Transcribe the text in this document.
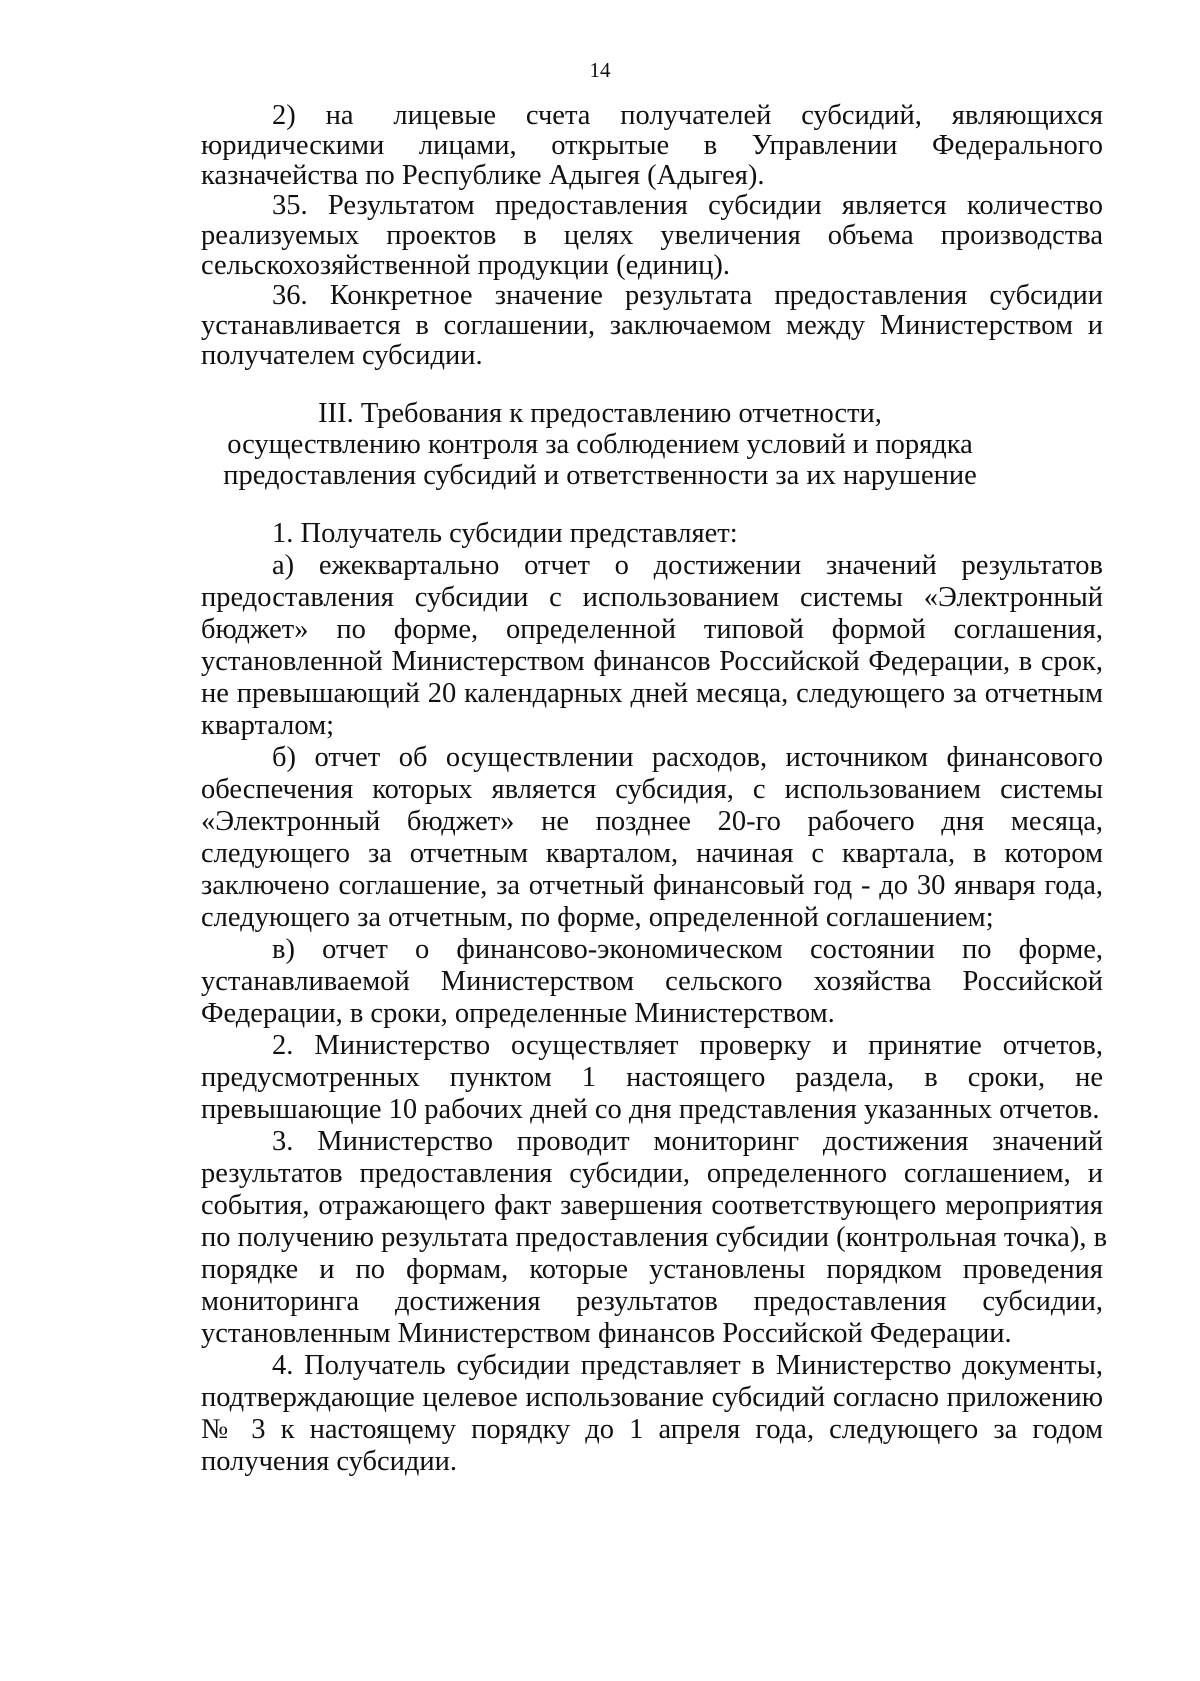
14
2)   на    лицевые   счета   получателей   субсидий,   являющихся
юридическими лицами, открытые в Управлении Федерального
казначейства по Республике Адыгея (Адыгея).
35. Результатом предоставления субсидии является количество
реализуемых проектов в целях увеличения объема производства
сельскохозяйственной продукции (единиц).
36. Конкретное значение результата предоставления субсидии
устанавливается в соглашении, заключаемом между Министерством и
получателем субсидии.
III. Требования к предоставлению отчетности,
осуществлению контроля за соблюдением условий и порядка
предоставления субсидий и ответственности за их нарушение
1. Получатель субсидии представляет:
а) ежеквартально отчет о достижении значений результатов
предоставления субсидии с использованием системы «Электронный
бюджет» по форме, определенной типовой формой соглашения,
установленной Министерством финансов Российской Федерации, в срок,
не превышающий 20 календарных дней месяца, следующего за отчетным
кварталом;
б) отчет об осуществлении расходов, источником финансового
обеспечения которых является субсидия, с использованием системы
«Электронный бюджет» не позднее 20-го рабочего дня месяца,
следующего за отчетным кварталом, начиная с квартала, в котором
заключено соглашение, за отчетный финансовый год - до 30 января года,
следующего за отчетным, по форме, определенной соглашением;
в) отчет о финансово-экономическом состоянии по форме,
устанавливаемой Министерством сельского хозяйства Российской
Федерации, в сроки, определенные Министерством.
2. Министерство осуществляет проверку и принятие отчетов,
предусмотренных пунктом 1 настоящего раздела, в сроки, не
превышающие 10 рабочих дней со дня представления указанных отчетов.
3. Министерство проводит мониторинг достижения значений
результатов предоставления субсидии, определенного соглашением, и
события, отражающего факт завершения соответствующего мероприятия
по получению результата предоставления субсидии (контрольная точка), в
порядке и по формам, которые установлены порядком проведения
мониторинга достижения результатов предоставления субсидии,
установленным Министерством финансов Российской Федерации.
4. Получатель субсидии представляет в Министерство документы,
подтверждающие целевое использование субсидий согласно приложению
№ 3 к настоящему порядку до 1 апреля года, следующего за годом
получения субсидии.
